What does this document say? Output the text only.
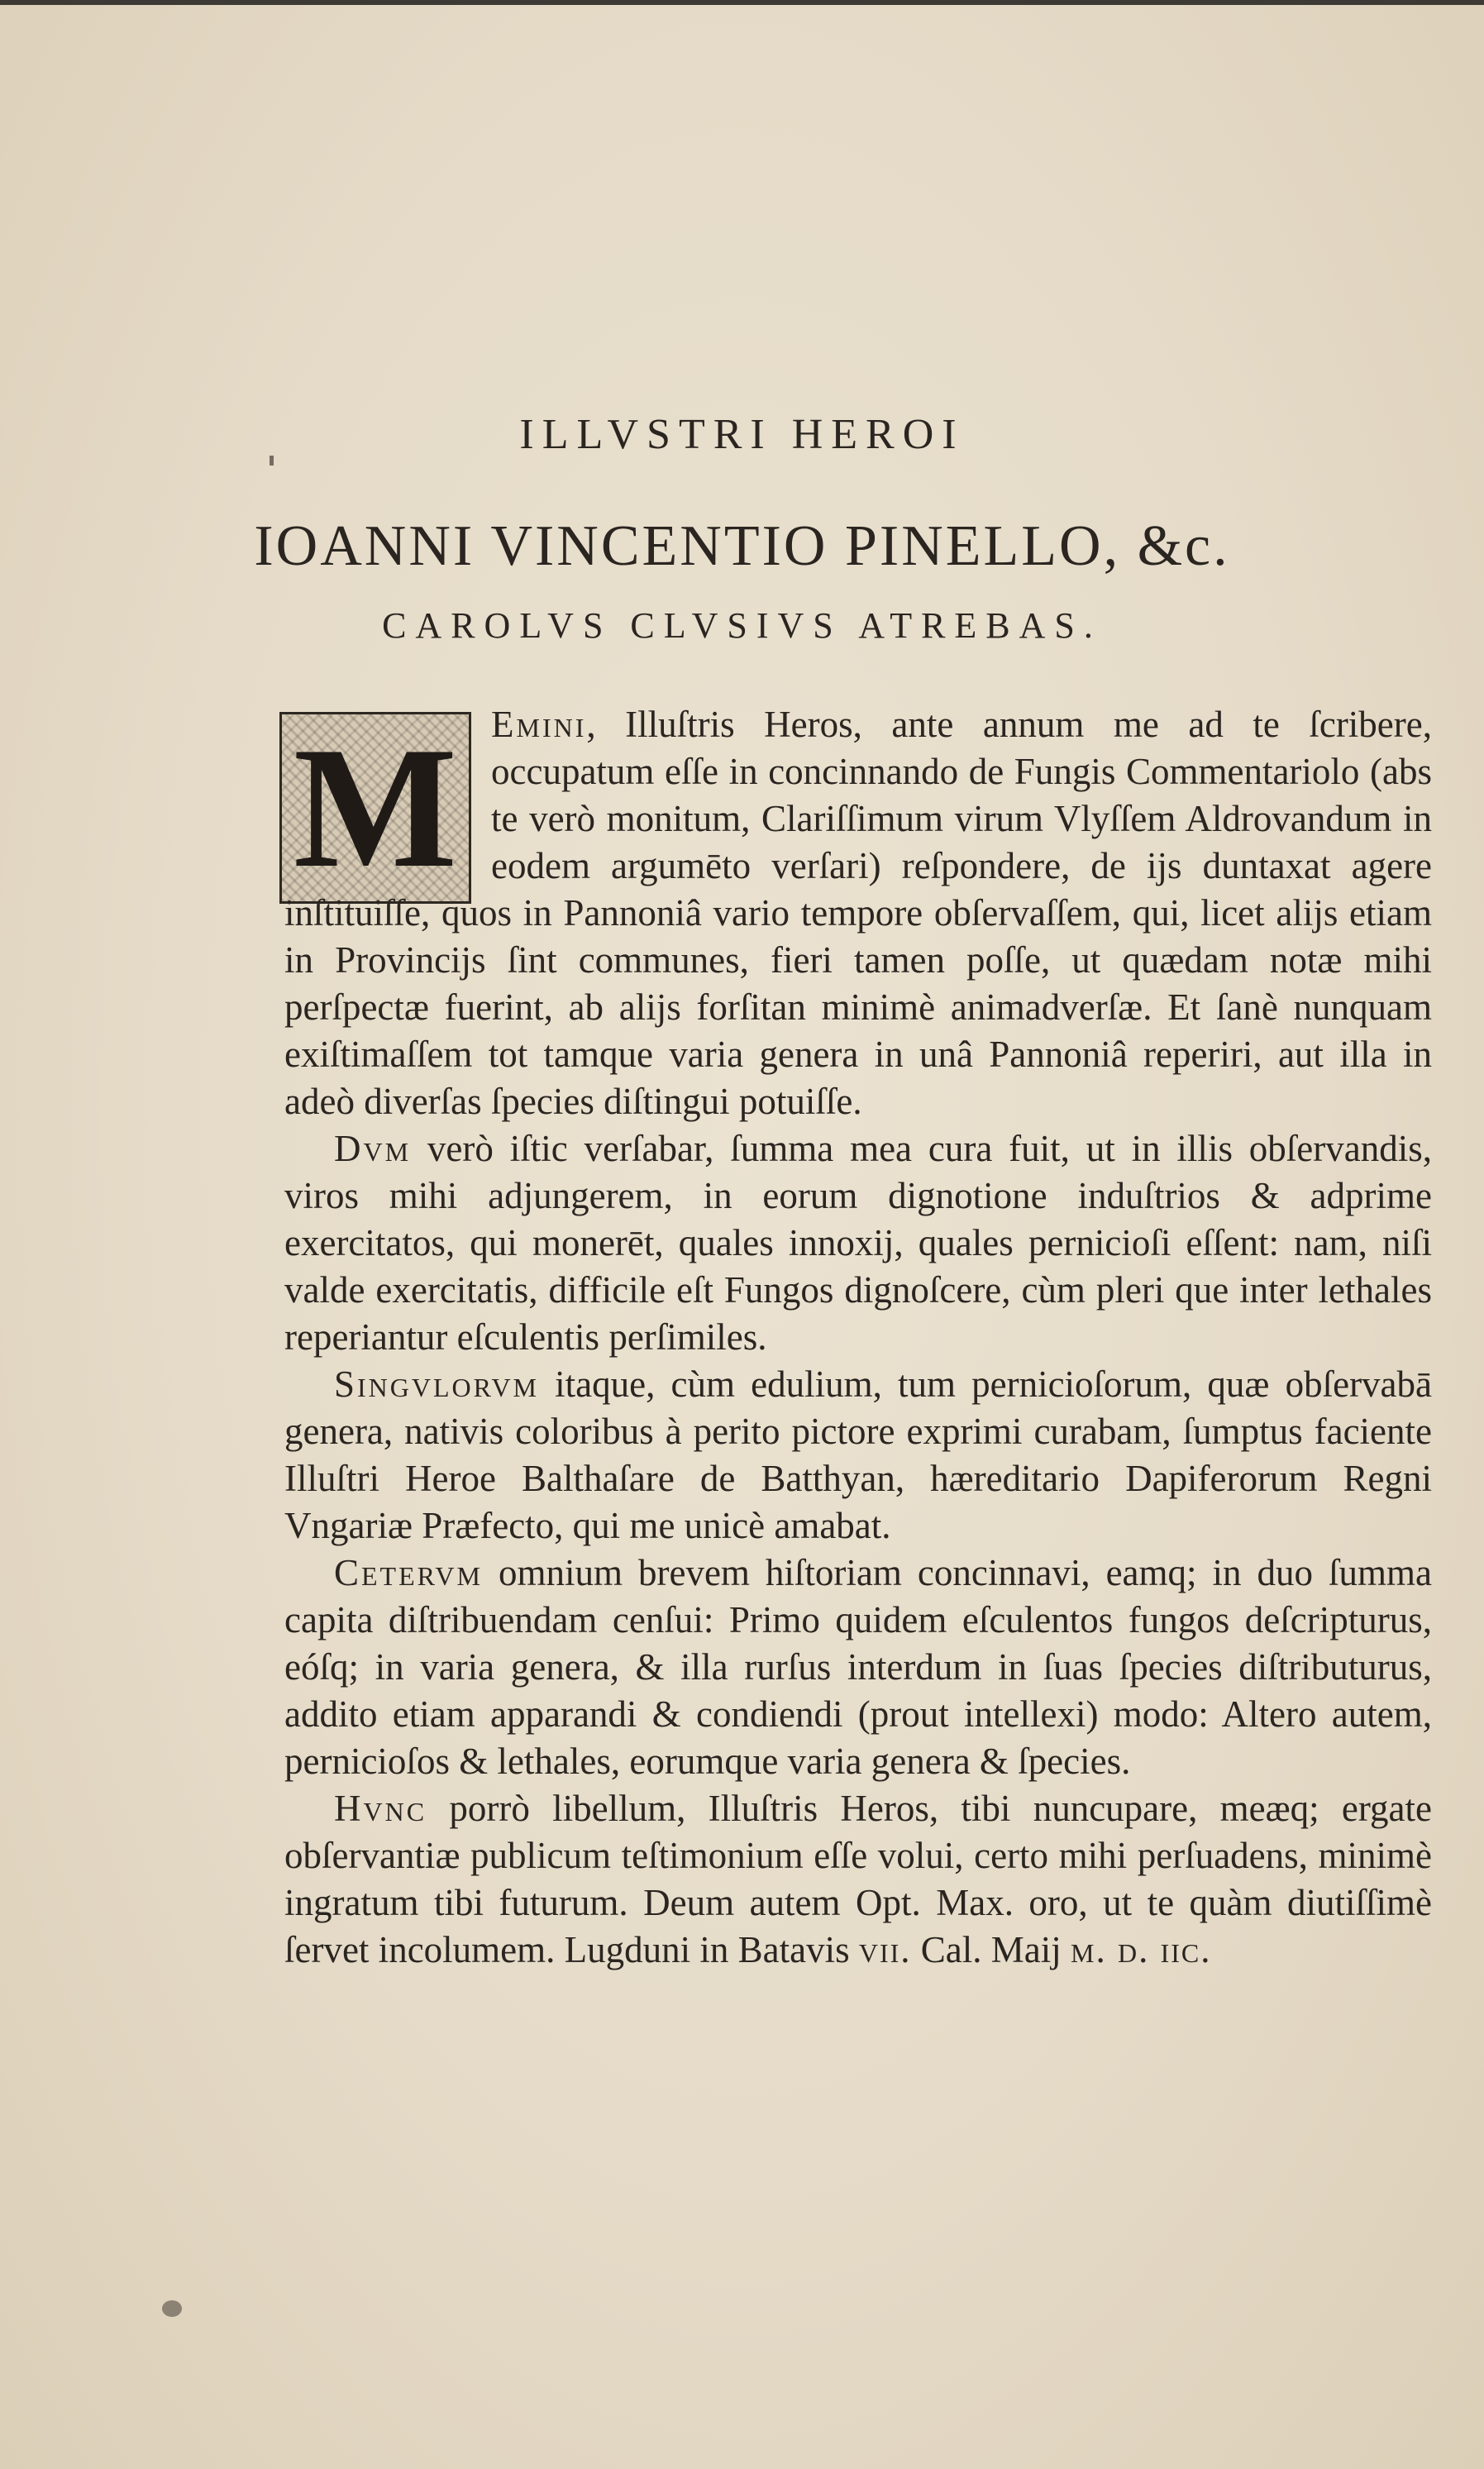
ILLVSTRI HEROI
IOANNI VINCENTIO PINELLO, &c.
CAROLVS CLVSIVS ATREBAS.
M Emini, Illuſtris Heros, ante annum me ad te ſcribere, occupatum eſſe in concinnando de Fungis Commentariolo (abs te verò monitum, Clariſſimum virum Vlyſſem Aldrovandum in eodem argumēto verſari) reſpondere, de ijs duntaxat agere inſtituiſſe, quos in Pannoniâ vario tempore obſervaſſem, qui, licet alijs etiam in Provincijs ſint communes, fieri tamen poſſe, ut quædam notæ mihi perſpectæ fuerint, ab alijs forſitan minimè animadverſæ. Et ſanè nunquam exiſtimaſſem tot tamque varia genera in unâ Pannoniâ reperiri, aut illa in adeò diverſas ſpecies diſtingui potuiſſe.

Dvm verò iſtic verſabar, ſumma mea cura fuit, ut in illis obſervandis, viros mihi adjungerem, in eorum dignotione induſtrios & adprime exercitatos, qui monerēt, quales innoxij, quales pernicioſi eſſent: nam, niſi valde exercitatis, difficile eſt Fungos dignoſcere, cùm pleri que inter lethales reperiantur eſculentis perſimiles.

Singvlorvm itaque, cùm edulium, tum pernicioſorum, quæ obſervabā genera, nativis coloribus à perito pictore exprimi curabam, ſumptus faciente Illuſtri Heroe Balthaſare de Batthyan, hæreditario Dapiferorum Regni Vngariæ Præfecto, qui me unicè amabat.

Ceтervm omnium brevem hiſtoriam concinnavi, eamq; in duo ſumma capita diſtribuendam cenſui: Primo quidem eſculentos fungos deſcripturus, eóſq; in varia genera, & illa rurſus interdum in ſuas ſpecies diſtributurus, addito etiam apparandi & condiendi (prout intellexi) modo: Altero autem, pernicioſos & lethales, eorumque varia genera & ſpecies.

Hvnc porrò libellum, Illuſtris Heros, tibi nuncupare, meæq; ergate obſervantiæ publicum teſtimonium eſſe volui, certo mihi perſuadens, minimè ingratum tibi futurum. Deum autem Opt. Max. oro, ut te quàm diutiſſimè ſervet incolumem. Lugduni in Batavis vii. Cal. Maij m. d. iic.
